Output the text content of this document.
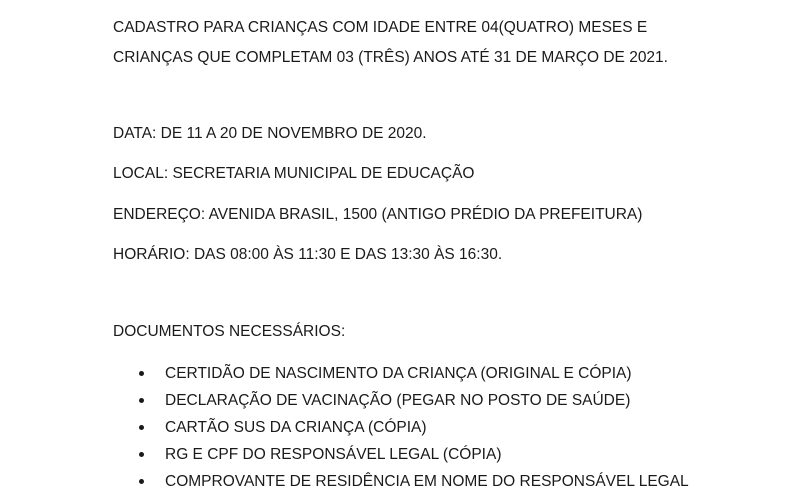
CADASTRO PARA CRIANÇAS COM IDADE ENTRE 04(QUATRO) MESES E

CRIANÇAS QUE COMPLETAM 03 (TRÊS) ANOS ATÉ 31 DE MARÇO DE 2021.

DATA: DE 11 A 20 DE NOVEMBRO DE 2020.

LOCAL: SECRETARIA MUNICIPAL DE EDUCAÇÃO

ENDEREÇO: AVENIDA BRASIL, 1500 (ANTIGO PRÉDIO DA PREFEITURA)

HORÁRIO: DAS 08:00 ÀS 11:30 E DAS 13:30 ÀS 16:30.

DOCUMENTOS NECESSÁRIOS:

CERTIDÃO DE NASCIMENTO DA CRIANÇA (ORIGINAL E CÓPIA)
DECLARAÇÃO DE VACINAÇÃO (PEGAR NO POSTO DE SAÚDE)
CARTÃO SUS DA CRIANÇA (CÓPIA)
RG E CPF DO RESPONSÁVEL LEGAL (CÓPIA)
COMPROVANTE DE RESIDÊNCIA EM NOME DO RESPONSÁVEL LEGAL
